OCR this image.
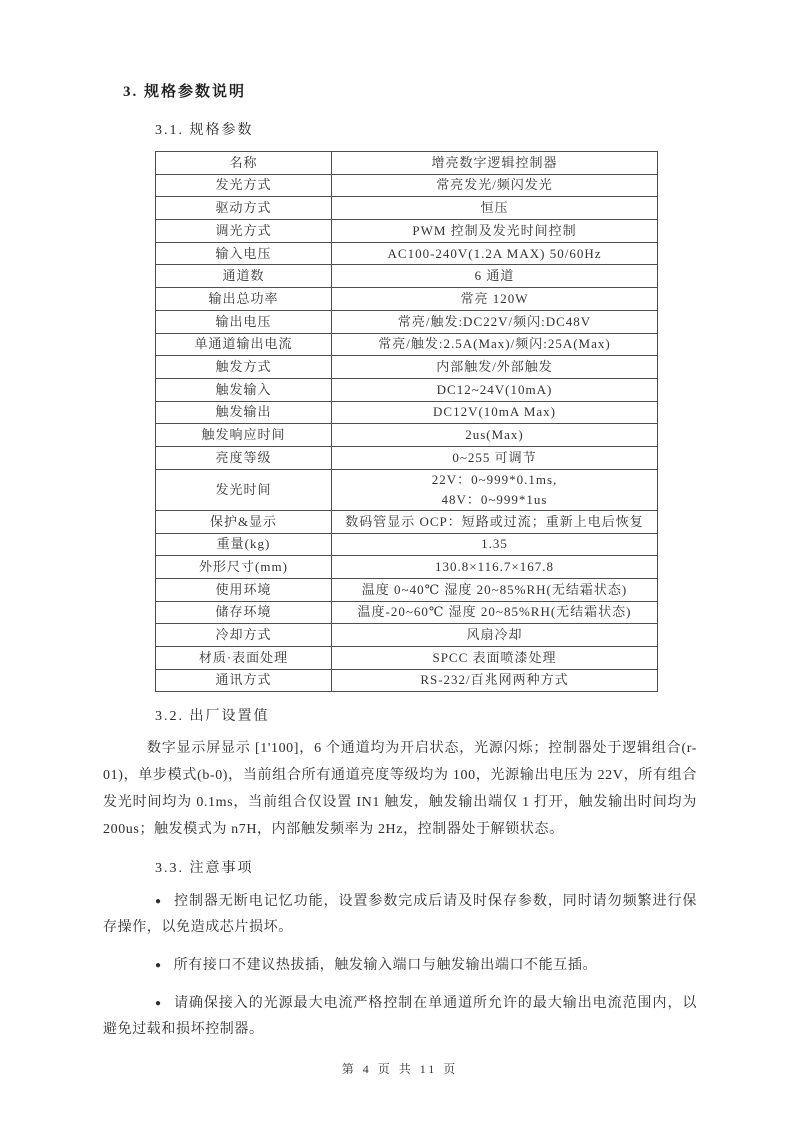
3. 规格参数说明
3.1. 规格参数
名称	增亮数字逻辑控制器
发光方式	常亮发光/频闪发光
驱动方式	恒压
调光方式	PWM 控制及发光时间控制
输入电压	AC100-240V(1.2A MAX) 50/60Hz
通道数	6 通道
输出总功率	常亮 120W
输出电压	常亮/触发:DC22V/频闪:DC48V
单通道输出电流	常亮/触发:2.5A(Max)/频闪:25A(Max)
触发方式	内部触发/外部触发
触发输入	DC12~24V(10mA)
触发输出	DC12V(10mA Max)
触发响应时间	2us(Max)
亮度等级	0~255 可调节
发光时间	22V：0~999*0.1ms,
48V：0~999*1us

保护&显示	数码管显示 OCP：短路或过流；重新上电后恢复
重量(kg)	1.35
外形尺寸(mm)	130.8×116.7×167.8
使用环境	温度 0~40℃ 湿度 20~85%RH(无结霜状态)
储存环境	温度-20~60℃ 湿度 20~85%RH(无结霜状态)
冷却方式	风扇冷却
材质·表面处理	SPCC 表面喷漆处理
通讯方式	RS-232/百兆网两种方式
3.2. 出厂设置值

数字显示屏显示 [1'100]，6 个通道均为开启状态，光源闪烁；控制器处于逻辑组合(r-01)，单步模式(b-0)，当前组合所有通道亮度等级均为 100，光源输出电压为 22V，所有组合发光时间均为 0.1ms，当前组合仅设置 IN1 触发，触发输出端仅 1 打开，触发输出时间均为 200us；触发模式为 n7H，内部触发频率为 2Hz，控制器处于解锁状态。

3.3. 注意事项

● 控制器无断电记忆功能，设置参数完成后请及时保存参数，同时请勿频繁进行保存操作，以免造成芯片损坏。

● 所有接口不建议热拔插，触发输入端口与触发输出端口不能互插。

● 请确保接入的光源最大电流严格控制在单通道所允许的最大输出电流范围内，以避免过载和损坏控制器。

第 4 页 共 11 页
